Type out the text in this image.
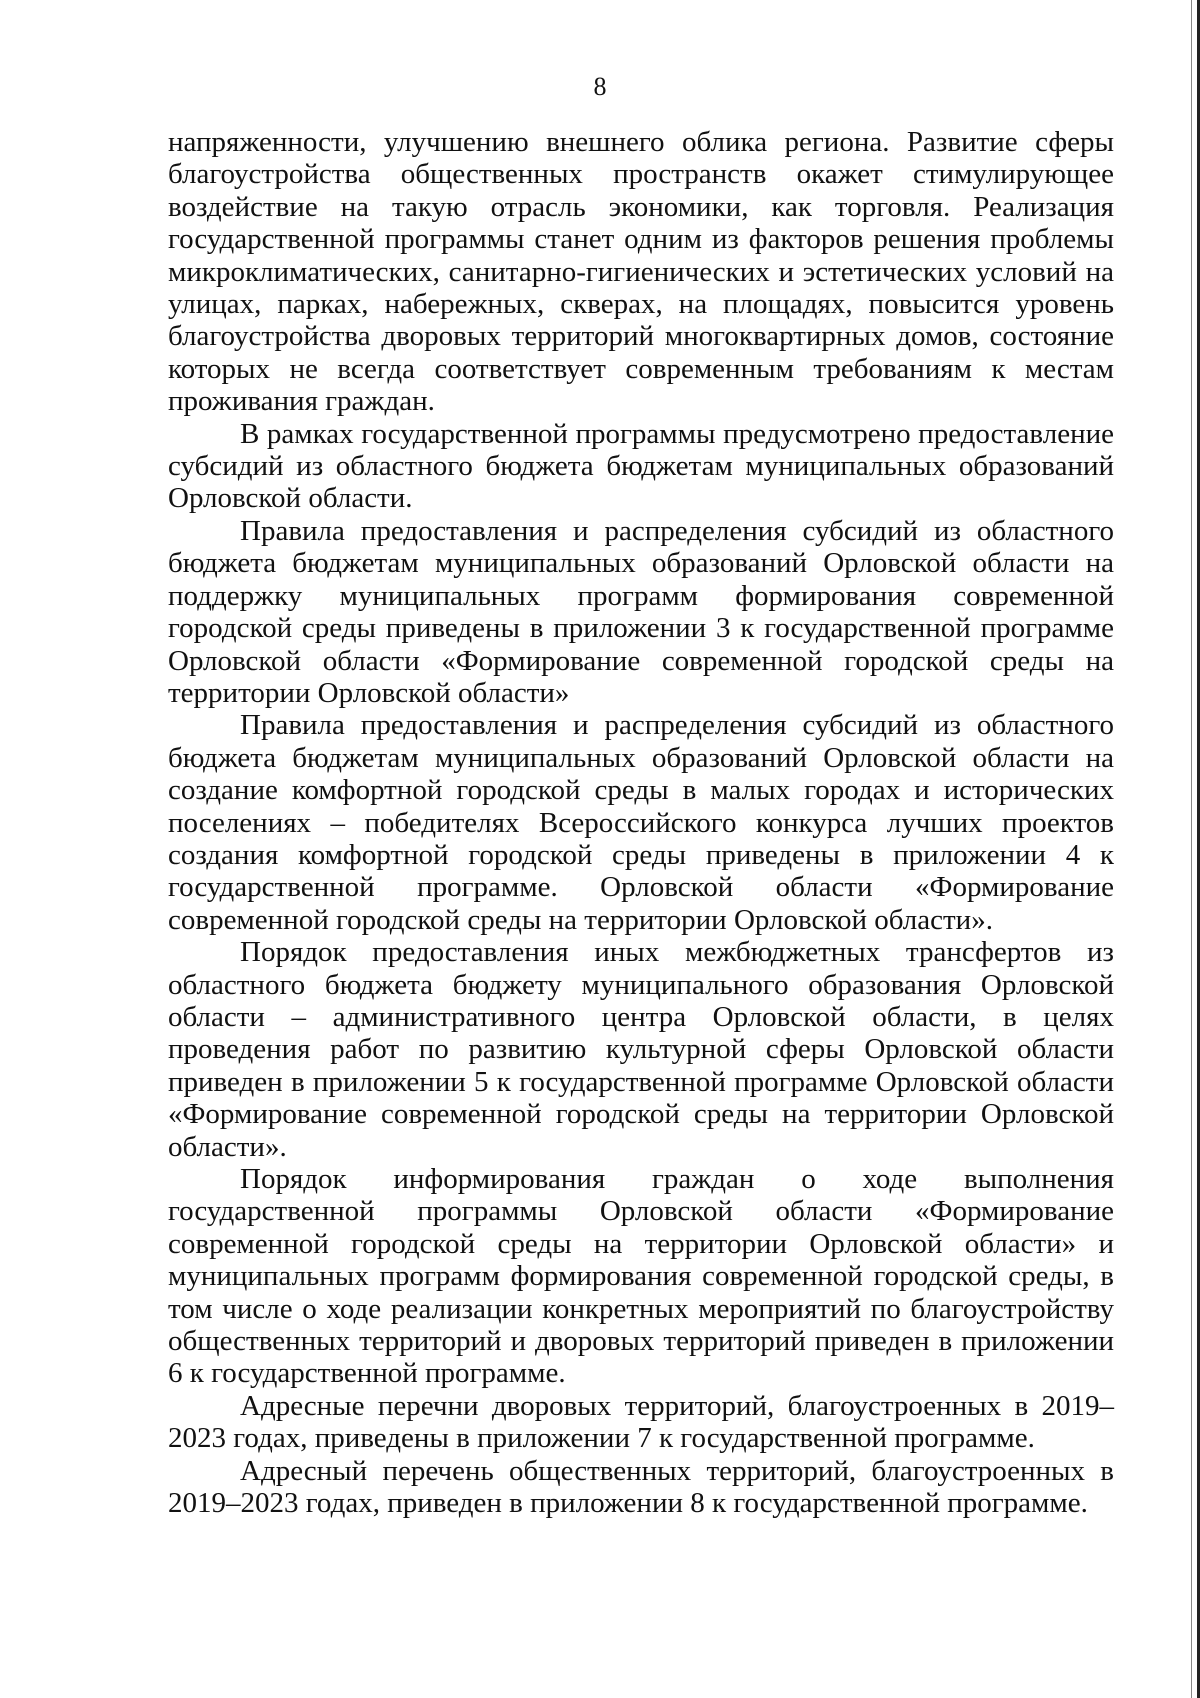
8

напряженности, улучшению внешнего облика региона. Развитие сферы благоустройства общественных пространств окажет стимулирующее воздействие на такую отрасль экономики, как торговля. Реализация государственной программы станет одним из факторов решения проблемы микроклиматических, санитарно-гигиенических и эстетических условий на улицах, парках, набережных, скверах, на площадях, повысится уровень благоустройства дворовых территорий многоквартирных домов, состояние которых не всегда соответствует современным требованиям к местам проживания граждан.

В рамках государственной программы предусмотрено предоставление субсидий из областного бюджета бюджетам муниципальных образований Орловской области.

Правила предоставления и распределения субсидий из областного бюджета бюджетам муниципальных образований Орловской области на поддержку муниципальных программ формирования современной городской среды приведены в приложении 3 к государственной программе Орловской области «Формирование современной городской среды на территории Орловской области»

Правила предоставления и распределения субсидий из областного бюджета бюджетам муниципальных образований Орловской области на создание комфортной городской среды в малых городах и исторических поселениях – победителях Всероссийского конкурса лучших проектов создания комфортной городской среды приведены в приложении 4 к государственной программе. Орловской области «Формирование современной городской среды на территории Орловской области».

Порядок предоставления иных межбюджетных трансфертов из областного бюджета бюджету муниципального образования Орловской области – административного центра Орловской области, в целях проведения работ по развитию культурной сферы Орловской области приведен в приложении 5 к государственной программе Орловской области «Формирование современной городской среды на территории Орловской области».

Порядок информирования граждан о ходе выполнения государственной программы Орловской области «Формирование современной городской среды на территории Орловской области» и муниципальных программ формирования современной городской среды, в том числе о ходе реализации конкретных мероприятий по благоустройству общественных территорий и дворовых территорий приведен в приложении 6 к государственной программе.

Адресные перечни дворовых территорий, благоустроенных в 2019–2023 годах, приведены в приложении 7 к государственной программе.

Адресный перечень общественных территорий, благоустроенных в 2019–2023 годах, приведен в приложении 8 к государственной программе.
